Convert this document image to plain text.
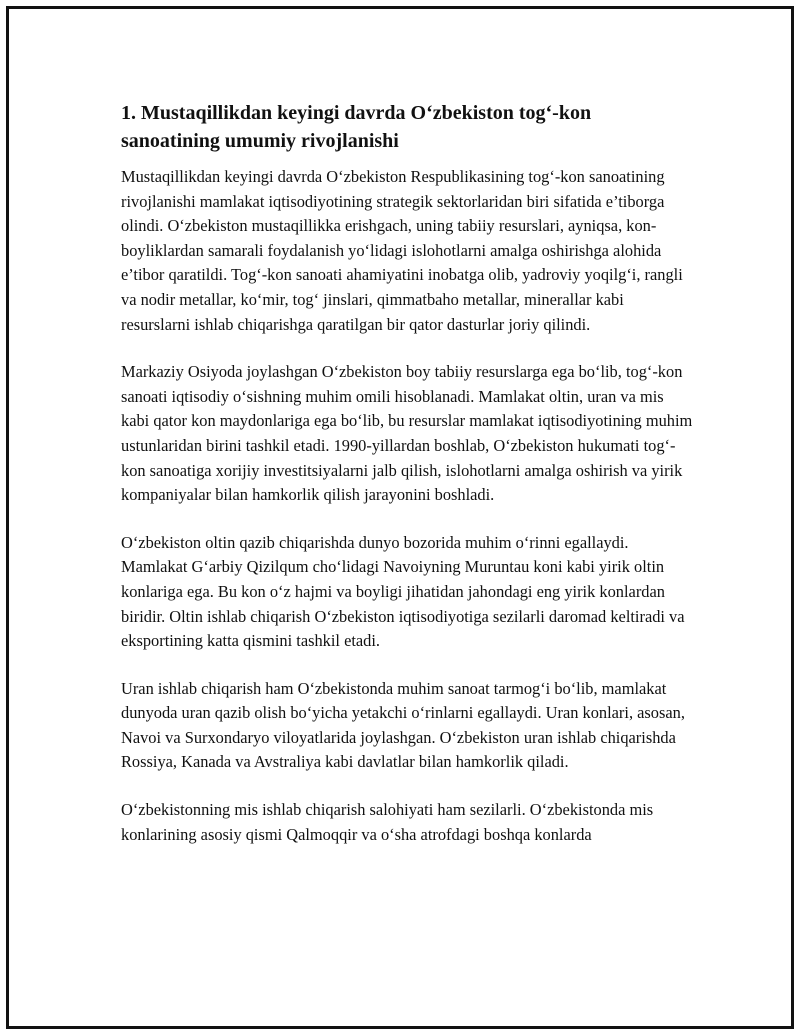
1. Mustaqillikdan keyingi davrda O‘zbekiston tog‘-kon sanoatining umumiy rivojlanishi

Mustaqillikdan keyingi davrda O‘zbekiston Respublikasining tog‘-kon sanoatining rivojlanishi mamlakat iqtisodiyotining strategik sektorlaridan biri sifatida e’tiborga olindi. O‘zbekiston mustaqillikka erishgach, uning tabiiy resurslari, ayniqsa, kon-boyliklardan samarali foydalanish yo‘lidagi islohotlarni amalga oshirishga alohida e’tibor qaratildi. Tog‘-kon sanoati ahamiyatini inobatga olib, yadroviy yoqilg‘i, rangli va nodir metallar, ko‘mir, tog‘ jinslari, qimmatbaho metallar, minerallar kabi resurslarni ishlab chiqarishga qaratilgan bir qator dasturlar joriy qilindi.

Markaziy Osiyoda joylashgan O‘zbekiston boy tabiiy resurslarga ega bo‘lib, tog‘-kon sanoati iqtisodiy o‘sishning muhim omili hisoblanadi. Mamlakat oltin, uran va mis kabi qator kon maydonlariga ega bo‘lib, bu resurslar mamlakat iqtisodiyotining muhim ustunlaridan birini tashkil etadi. 1990-yillardan boshlab, O‘zbekiston hukumati tog‘-kon sanoatiga xorijiy investitsiyalarni jalb qilish, islohotlarni amalga oshirish va yirik kompaniyalar bilan hamkorlik qilish jarayonini boshladi.

O‘zbekiston oltin qazib chiqarishda dunyo bozorida muhim o‘rinni egallaydi. Mamlakat G‘arbiy Qizilqum cho‘lidagi Navoiyning Muruntau koni kabi yirik oltin konlariga ega. Bu kon o‘z hajmi va boyligi jihatidan jahondagi eng yirik konlardan biridir. Oltin ishlab chiqarish O‘zbekiston iqtisodiyotiga sezilarli daromad keltiradi va eksportining katta qismini tashkil etadi.

Uran ishlab chiqarish ham O‘zbekistonda muhim sanoat tarmog‘i bo‘lib, mamlakat dunyoda uran qazib olish bo‘yicha yetakchi o‘rinlarni egallaydi. Uran konlari, asosan, Navoi va Surxondaryo viloyatlarida joylashgan. O‘zbekiston uran ishlab chiqarishda Rossiya, Kanada va Avstraliya kabi davlatlar bilan hamkorlik qiladi.

O‘zbekistonning mis ishlab chiqarish salohiyati ham sezilarli. O‘zbekistonda mis konlarining asosiy qismi Qalmoqqir va o‘sha atrofdagi boshqa konlarda
